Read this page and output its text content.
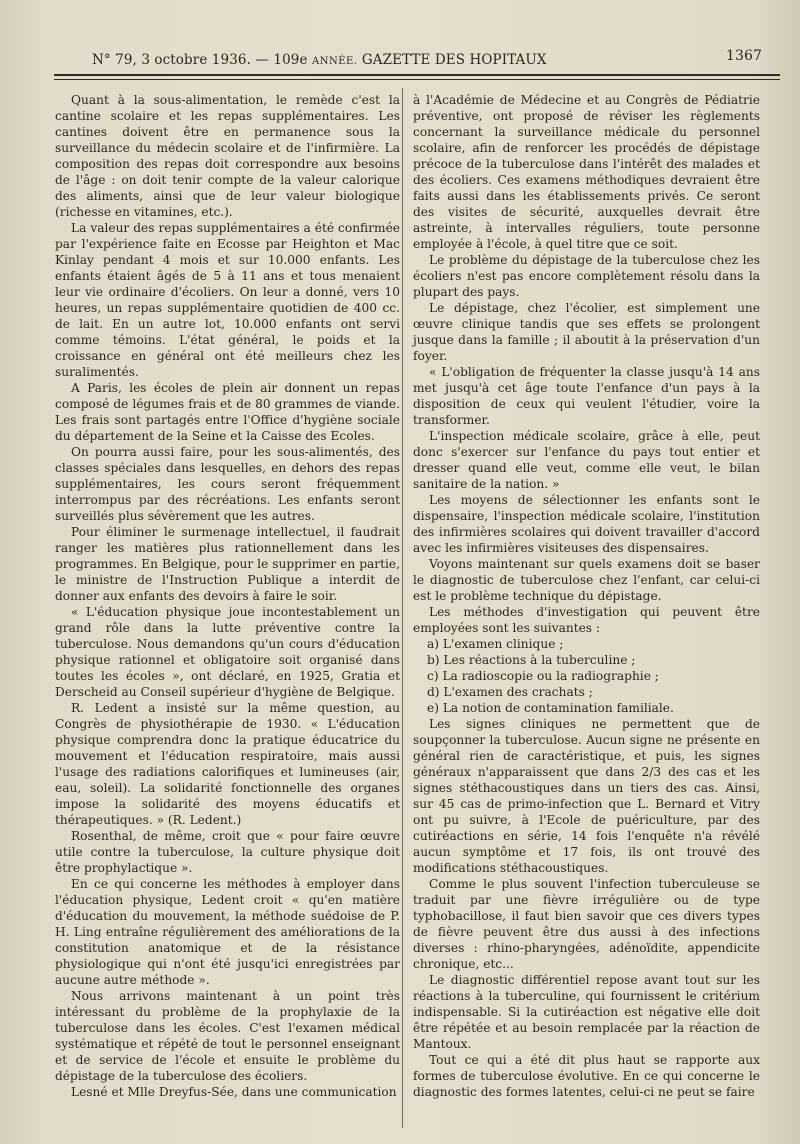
N° 79, 3 octobre 1936. — 109e ANNÉE. GAZETTE DES HOPITAUX	1367

Quant à la sous-alimentation, le remède c'est la cantine scolaire et les repas supplémentaires. Les cantines doivent être en permanence sous la surveillance du médecin scolaire et de l'infirmière. La composition des repas doit correspondre aux besoins de l'âge : on doit tenir compte de la valeur calorique des aliments, ainsi que de leur valeur biologique (richesse en vitamines, etc.).

La valeur des repas supplémentaires a été confirmée par l'expérience faite en Ecosse par Heighton et Mac Kinlay pendant 4 mois et sur 10.000 enfants. Les enfants étaient âgés de 5 à 11 ans et tous menaient leur vie ordinaire d'écoliers. On leur a donné, vers 10 heures, un repas supplémentaire quotidien de 400 cc. de lait. En un autre lot, 10.000 enfants ont servi comme témoins. L'état général, le poids et la croissance en général ont été meilleurs chez les suralimentés.

A Paris, les écoles de plein air donnent un repas composé de légumes frais et de 80 grammes de viande. Les frais sont partagés entre l'Office d'hygiène sociale du département de la Seine et la Caisse des Ecoles.

On pourra aussi faire, pour les sous-alimentés, des classes spéciales dans lesquelles, en dehors des repas supplémentaires, les cours seront fréquemment interrompus par des récréations. Les enfants seront surveillés plus sévèrement que les autres.

Pour éliminer le surmenage intellectuel, il faudrait ranger les matières plus rationnellement dans les programmes. En Belgique, pour le supprimer en partie, le ministre de l'Instruction Publique a interdit de donner aux enfants des devoirs à faire le soir.

« L'éducation physique joue incontestablement un grand rôle dans la lutte préventive contre la tuberculose. Nous demandons qu'un cours d'éducation physique rationnel et obligatoire soit organisé dans toutes les écoles », ont déclaré, en 1925, Gratia et Derscheid au Conseil supérieur d'hygiène de Belgique.

R. Ledent a insisté sur la même question, au Congrès de physiothérapie de 1930. « L'éducation physique comprendra donc la pratique éducatrice du mouvement et l'éducation respiratoire, mais aussi l'usage des radiations calorifiques et lumineuses (air, eau, soleil). La solidarité fonctionnelle des organes impose la solidarité des moyens éducatifs et thérapeutiques. » (R. Ledent.)

Rosenthal, de même, croit que « pour faire œuvre utile contre la tuberculose, la culture physique doit être prophylactique ».

En ce qui concerne les méthodes à employer dans l'éducation physique, Ledent croit « qu'en matière d'éducation du mouvement, la méthode suédoise de P. H. Ling entraîne régulièrement des améliorations de la constitution anatomique et de la résistance physiologique qui n'ont été jusqu'ici enregistrées par aucune autre méthode ».

Nous arrivons maintenant à un point très intéressant du problème de la prophylaxie de la tuberculose dans les écoles. C'est l'examen médical systématique et répété de tout le personnel enseignant et de service de l'école et ensuite le problème du dépistage de la tuberculose des écoliers.

Lesné et Mlle Dreyfus-Sée, dans une communication

à l'Académie de Médecine et au Congrès de Pédiatrie préventive, ont proposé de réviser les règlements concernant la surveillance médicale du personnel scolaire, afin de renforcer les procédés de dépistage précoce de la tuberculose dans l'intérêt des malades et des écoliers. Ces examens méthodiques devraient être faits aussi dans les établissements privés. Ce seront des visites de sécurité, auxquelles devrait être astreinte, à intervalles réguliers, toute personne employée à l'école, à quel titre que ce soit.

Le problème du dépistage de la tuberculose chez les écoliers n'est pas encore complètement résolu dans la plupart des pays.

Le dépistage, chez l'écolier, est simplement une œuvre clinique tandis que ses effets se prolongent jusque dans la famille ; il aboutit à la préservation d'un foyer.

« L'obligation de fréquenter la classe jusqu'à 14 ans met jusqu'à cet âge toute l'enfance d'un pays à la disposition de ceux qui veulent l'étudier, voire la transformer.

L'inspection médicale scolaire, grâce à elle, peut donc s'exercer sur l'enfance du pays tout entier et dresser quand elle veut, comme elle veut, le bilan sanitaire de la nation. »

Les moyens de sélectionner les enfants sont le dispensaire, l'inspection médicale scolaire, l'institution des infirmières scolaires qui doivent travailler d'accord avec les infirmières visiteuses des dispensaires.

Voyons maintenant sur quels examens doit se baser le diagnostic de tuberculose chez l'enfant, car celui-ci est le problème technique du dépistage.

Les méthodes d'investigation qui peuvent être employées sont les suivantes :

a) L'examen clinique ;

b) Les réactions à la tuberculine ;

c) La radioscopie ou la radiographie ;

d) L'examen des crachats ;

e) La notion de contamination familiale.

Les signes cliniques ne permettent que de soupçonner la tuberculose. Aucun signe ne présente en général rien de caractéristique, et puis, les signes généraux n'apparaissent que dans 2/3 des cas et les signes stéthacoustiques dans un tiers des cas. Ainsi, sur 45 cas de primo-infection que L. Bernard et Vitry ont pu suivre, à l'Ecole de puériculture, par des cutiréactions en série, 14 fois l'enquête n'a révélé aucun symptôme et 17 fois, ils ont trouvé des modifications stéthacoustiques.

Comme le plus souvent l'infection tuberculeuse se traduit par une fièvre irrégulière ou de type typhobacillose, il faut bien savoir que ces divers types de fièvre peuvent être dus aussi à des infections diverses : rhino-pharyngées, adénoïdite, appendicite chronique, etc...

Le diagnostic différentiel repose avant tout sur les réactions à la tuberculine, qui fournissent le critérium indispensable. Si la cutiréaction est négative elle doit être répétée et au besoin remplacée par la réaction de Mantoux.

Tout ce qui a été dit plus haut se rapporte aux formes de tuberculose évolutive. En ce qui concerne le diagnostic des formes latentes, celui-ci ne peut se faire
